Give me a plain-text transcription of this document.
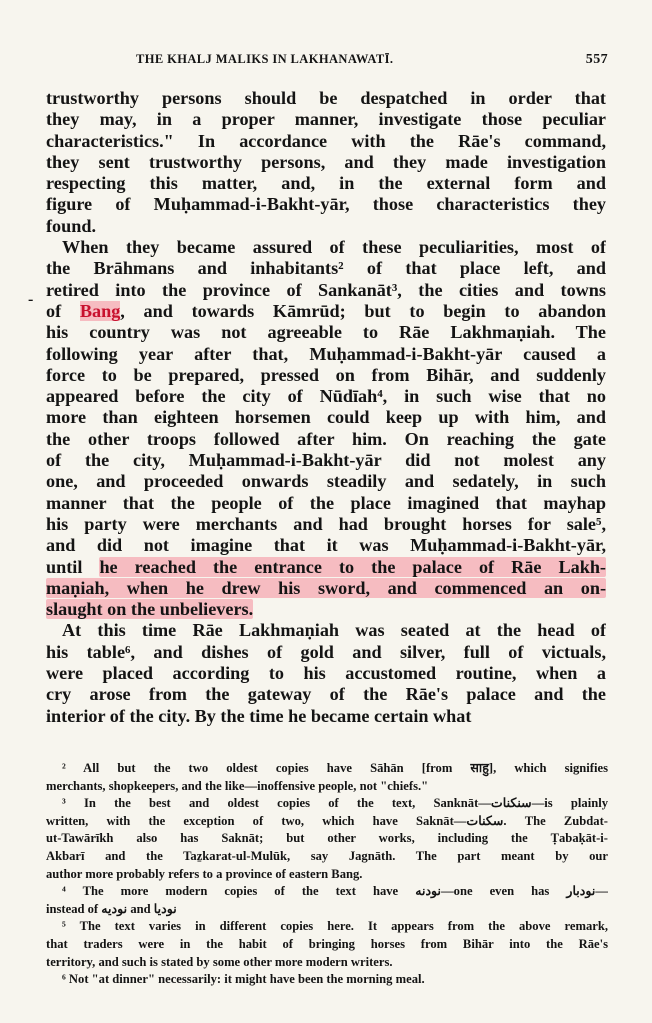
THE KHALJ MALIKS IN LAKHANAWATĪ.	557
-
trustworthy persons should be despatched in order that
they may, in a proper manner, investigate those peculiar
characteristics." In accordance with the Rāe's command,
they sent trustworthy persons, and they made investigation
respecting this matter, and, in the external form and
figure of Muḥammad-i-Bakht-yār, those characteristics they
found.
When they became assured of these peculiarities, most of
the Brāhmans and inhabitants² of that place left, and
retired into the province of Sankanāt³, the cities and towns
of Bang, and towards Kāmrūd; but to begin to abandon
his country was not agreeable to Rāe Lakhmaṇiah. The
following year after that, Muḥammad-i-Bakht-yār caused a
force to be prepared, pressed on from Bihār, and suddenly
appeared before the city of Nūdīah⁴, in such wise that no
more than eighteen horsemen could keep up with him, and
the other troops followed after him. On reaching the gate
of the city, Muḥammad-i-Bakht-yār did not molest any
one, and proceeded onwards steadily and sedately, in such
manner that the people of the place imagined that mayhap
his party were merchants and had brought horses for sale⁵,
and did not imagine that it was Muḥammad-i-Bakht-yār,
until he reached the entrance to the palace of Rāe Lakh-
maṇiah, when he drew his sword, and commenced an on-
slaught on the unbelievers.
At this time Rāe Lakhmaṇiah was seated at the head of
his table⁶, and dishes of gold and silver, full of victuals,
were placed according to his accustomed routine, when a
cry arose from the gateway of the Rāe's palace and the
interior of the city. By the time he became certain what
² All but the two oldest copies have Sāhān [from साहु], which signifies
merchants, shopkeepers, and the like—inoffensive people, not "chiefs."
³ In the best and oldest copies of the text, Sanknāt—سنکنات—is plainly
written, with the exception of two, which have Saknāt—سکنات. The Zubdat-
ut-Tawārīkh also has Saknāt; but other works, including the Ṭabaḳāt-i-
Akbarī and the Taẕkarat-ul-Mulūk, say Jagnāth. The part meant by our
author more probably refers to a province of eastern Bang.
⁴ The more modern copies of the text have نودنه—one even has نودبار—
instead of نودیه and نودیا
⁵ The text varies in different copies here. It appears from the above remark,
that traders were in the habit of bringing horses from Bihār into the Rāe's
territory, and such is stated by some other more modern writers.
⁶ Not "at dinner" necessarily: it might have been the morning meal.
